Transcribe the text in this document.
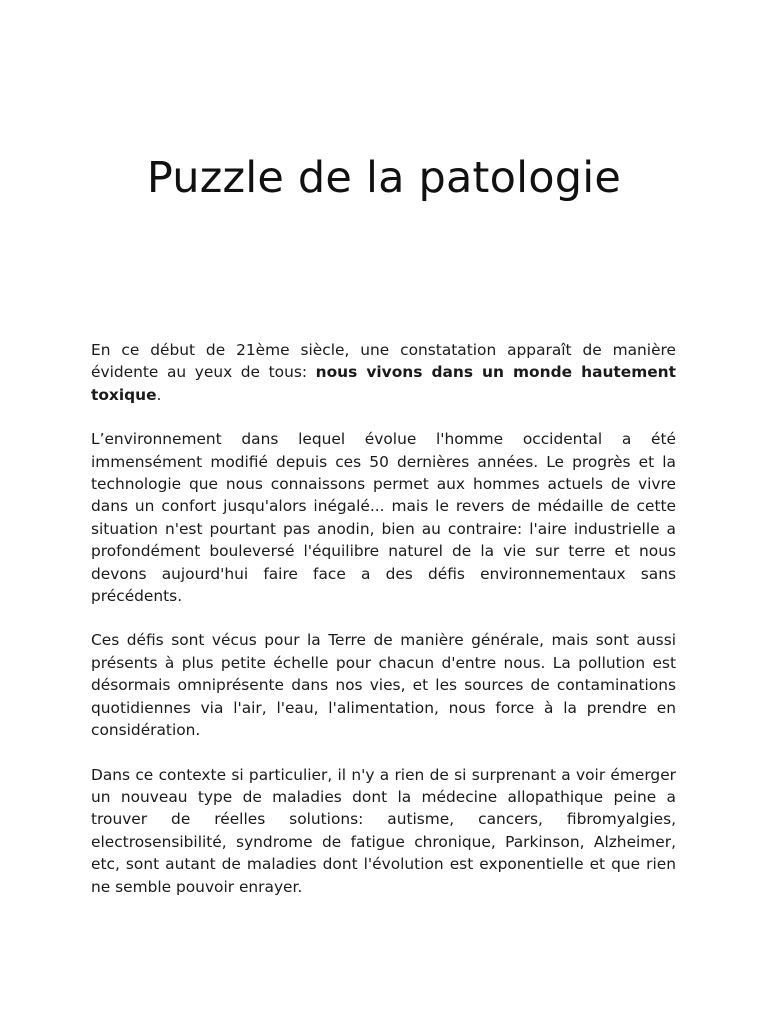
Puzzle de la patologie

En ce début de 21ème siècle, une constatation apparaît de manière évidente au yeux de tous: nous vivons dans un monde hautement toxique.

L’environnement dans lequel évolue l'homme occidental a été immensément modifié depuis ces 50 dernières années. Le progrès et la technologie que nous connaissons permet aux hommes actuels de vivre dans un confort jusqu'alors inégalé... mais le revers de médaille de cette situation n'est pourtant pas anodin, bien au contraire: l'aire industrielle a profondément bouleversé l'équilibre naturel de la vie sur terre et nous devons aujourd'hui faire face a des défis environnementaux sans précédents.

Ces défis sont vécus pour la Terre de manière générale, mais sont aussi présents à plus petite échelle pour chacun d'entre nous. La pollution est désormais omniprésente dans nos vies, et les sources de contaminations quotidiennes via l'air, l'eau, l'alimentation, nous force à la prendre en considération.

Dans ce contexte si particulier, il n'y a rien de si surprenant a voir émerger un nouveau type de maladies dont la médecine allopathique peine a trouver de réelles solutions: autisme, cancers, fibromyalgies, electrosensibilité, syndrome de fatigue chronique, Parkinson, Alzheimer, etc, sont autant de maladies dont l'évolution est exponentielle et que rien ne semble pouvoir enrayer.
